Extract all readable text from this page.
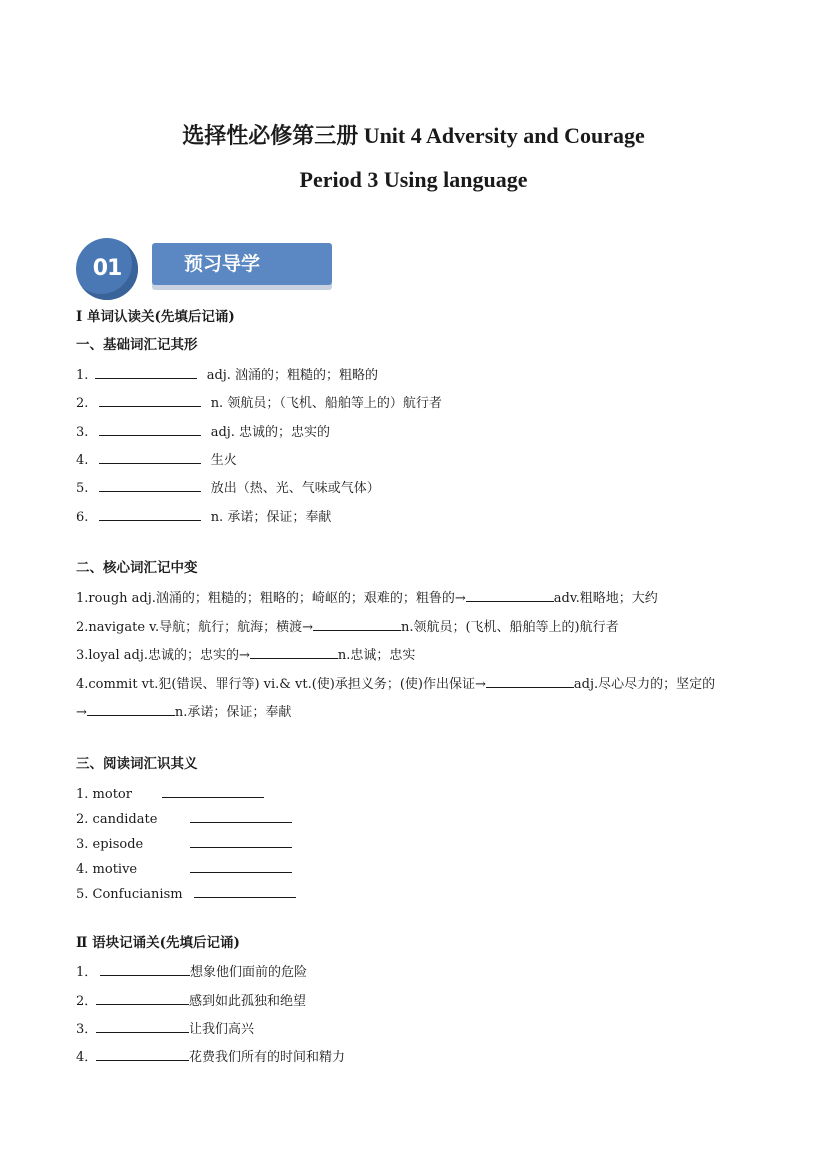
选择性必修第三册 Unit 4 Adversity and Courage
Period 3 Using language
01	预习导学
Ⅰ 单词认读关(先填后记诵)
一、基础词汇记其形
1.	adj. 汹涌的；粗糙的；粗略的
2.	n. 领航员；（飞机、船舶等上的）航行者
3.	adj. 忠诚的；忠实的
4.	生火
5.	放出（热、光、气味或气体）
6.	n. 承诺；保证；奉献
二、核心词汇记中变
1.rough adj.汹涌的；粗糙的；粗略的；崎岖的；艰难的；粗鲁的→	adv.粗略地；大约
2.navigate v.导航；航行；航海；横渡→	n.领航员；(飞机、船舶等上的)航行者
3.loyal adj.忠诚的；忠实的→	n.忠诚；忠实
4.commit vt.犯(错误、罪行等) vi.& vt.(使)承担义务；(使)作出保证→	adj.尽心尽力的；坚定的
→	n.承诺；保证；奉献
三、阅读词汇识其义
1. motor
2. candidate
3. episode
4. motive
5. Confucianism
Ⅱ 语块记诵关(先填后记诵)
1．	想象他们面前的危险
2．	感到如此孤独和绝望
3．	让我们高兴
4．	花费我们所有的时间和精力
